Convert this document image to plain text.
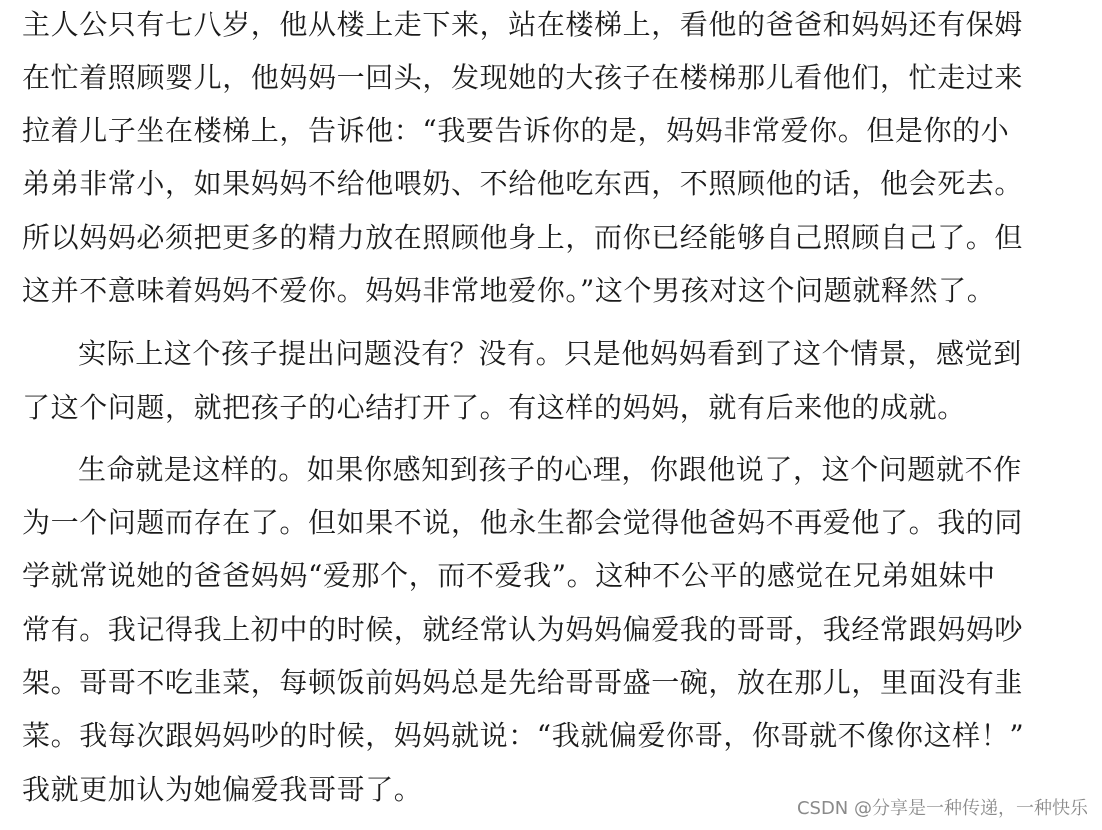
主人公只有七八岁，他从楼上走下来，站在楼梯上，看他的爸爸和妈妈还有保姆
在忙着照顾婴儿，他妈妈一回头，发现她的大孩子在楼梯那儿看他们，忙走过来
拉着儿子坐在楼梯上，告诉他：“我要告诉你的是，妈妈非常爱你。但是你的小
弟弟非常小，如果妈妈不给他喂奶、不给他吃东西，不照顾他的话，他会死去。
所以妈妈必须把更多的精力放在照顾他身上，而你已经能够自己照顾自己了。但
这并不意味着妈妈不爱你。妈妈非常地爱你。”这个男孩对这个问题就释然了。
实际上这个孩子提出问题没有？没有。只是他妈妈看到了这个情景，感觉到
了这个问题，就把孩子的心结打开了。有这样的妈妈，就有后来他的成就。
生命就是这样的。如果你感知到孩子的心理，你跟他说了，这个问题就不作
为一个问题而存在了。但如果不说，他永生都会觉得他爸妈不再爱他了。我的同
学就常说她的爸爸妈妈“爱那个，而不爱我”。这种不公平的感觉在兄弟姐妹中
常有。我记得我上初中的时候，就经常认为妈妈偏爱我的哥哥，我经常跟妈妈吵
架。哥哥不吃韭菜，每顿饭前妈妈总是先给哥哥盛一碗，放在那儿，里面没有韭
菜。我每次跟妈妈吵的时候，妈妈就说：“我就偏爱你哥，你哥就不像你这样！”
我就更加认为她偏爱我哥哥了。
CSDN @分享是一种传递，一种快乐
